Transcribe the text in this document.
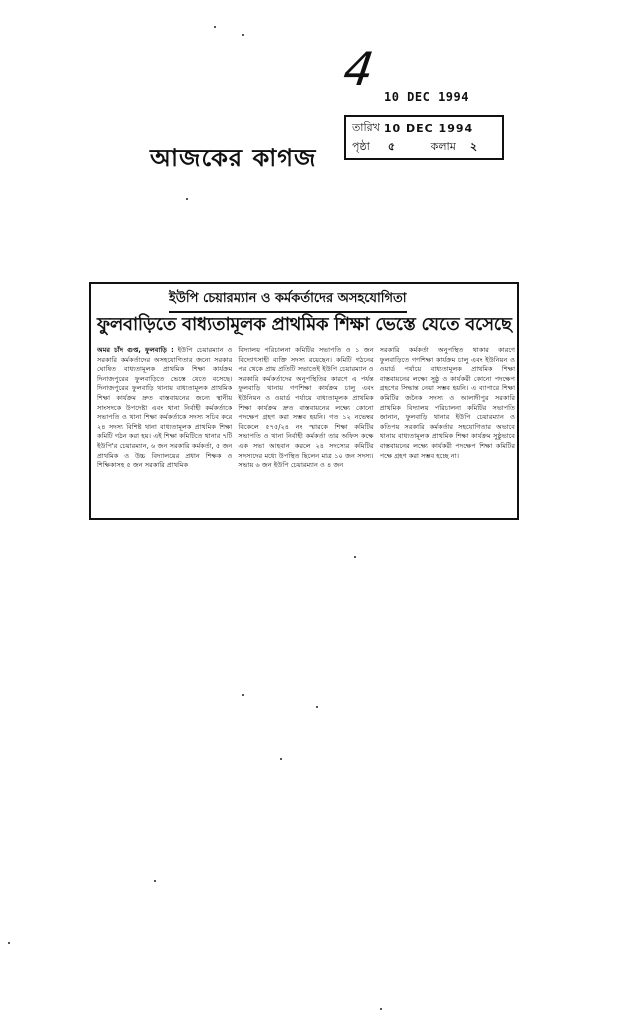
4
10 DEC 1994
তারিখ 10 DEC 1994
পৃষ্ঠা ৫	কলাম ২
আজকের কাগজ
ইউপি চেয়ারম্যান ও কর্মকর্তাদের অসহযোগিতা
ফুলবাড়িতে বাধ্যতামূলক প্রাথমিক শিক্ষা ভেস্তে যেতে বসেছে
অমর চাঁদ গুপ্ত, ফুলবাড়ি : ইউপি চেয়ারম্যান ও সরকারি কর্মকর্তাদের অসহযোগিতার জন্যে সরকার ঘোষিত বাধ্যতামূলক প্রাথমিক শিক্ষা কার্যক্রম দিনাজপুরের ফুলবাড়িতে ভেস্তে যেতে বসেছে। দিনাজপুরের ফুলবাড়ি থানায় বাধ্যতামূলক প্রাথমিক শিক্ষা কার্যক্রম দ্রুত বাস্তবায়নের জন্যে স্থানীয় সাংসদকে উপদেষ্টা এবং থানা নির্বাহী কর্মকর্তাকে সভাপতি ও থানা শিক্ষা কর্মকর্তাকে সদস্য সচিব করে ২৪ সদস্য বিশিষ্ট থানা বাধ্যতামূলক প্রাথমিক শিক্ষা কমিটি গঠন করা হয়। এই শিক্ষা কমিটিতে থানার ৭টি ইউপি'র চেয়ারম্যান, ৬ জন সরকারি কর্মকর্তা, ৫ জন প্রাথমিক ও উচ্চ বিদ্যালয়ের প্রধান শিক্ষক ও শিক্ষিকাসহ ৫ জন সরকারি প্রাথমিক
বিদ্যালয় পরিচালনা কমিটির সভাপতি ও ১ জন বিদ্যোৎসাহী ব্যক্তি সদস্য রয়েছেন। কমিটি গঠনের পর থেকে প্রায় প্রতিটি সভাতেই ইউপি চেয়ারম্যান ও সরকারি কর্মকর্তাদের অনুপস্থিতির কারণে এ পর্যন্ত ফুলবাড়ি থানায় গণশিক্ষা কার্যক্রম চালু এবং ইউনিয়ন ও ওয়ার্ড পর্যায়ে বাধ্যতামূলক প্রাথমিক শিক্ষা কার্যক্রম দ্রুত বাস্তবায়নের লক্ষ্যে কোনো পদক্ষেপ গ্রহণ করা সম্ভব হয়নি। গত ১২ নভেম্বর বিকেলে ৫৭৫/২৪ নং স্মারকে শিক্ষা কমিটির সভাপতি ও থানা নির্বাহী কর্মকর্তা তার অফিস কক্ষে এক সভা আহবান করলে ২৪ সদস্যের কমিটির সদস্যদের মধ্যে উপস্থিত ছিলেন মাত্র ১০ জন সদস্য। সভায় ৬ জন ইউপি চেয়ারম্যান ও ৪ জন
সরকারি কর্মকর্তা অনুপস্থিত থাকার কারণে ফুলবাড়িতে গণশিক্ষা কার্যক্রম চালু এবং ইউনিয়ন ও ওয়ার্ড পর্যায়ে বাধ্যতামূলক প্রাথমিক শিক্ষা বাস্তবায়নের লক্ষ্যে সুষ্ঠু ও কার্যকরী কোনো পদক্ষেপ গ্রহণের সিদ্ধান্ত নেয়া সম্ভব হয়নি। এ ব্যাপারে শিক্ষা কমিটির জনৈক সদস্য ও আলাদীপুর সরকারি প্রাথমিক বিদ্যালয় পরিচালনা কমিটির সভাপতি জানান, ফুলবাড়ি থানার ইউপি চেয়ারম্যান ও কতিপয় সরকারি কর্মকর্তার সহযোগিতার অভাবে থানায় বাধ্যতামূলক প্রাথমিক শিক্ষা কার্যক্রম সুষ্ঠুভাবে বাস্তবায়নের লক্ষ্যে কার্যকরী পদক্ষেপ শিক্ষা কমিটির পক্ষে গ্রহণ করা সম্ভব হচ্ছে না।
